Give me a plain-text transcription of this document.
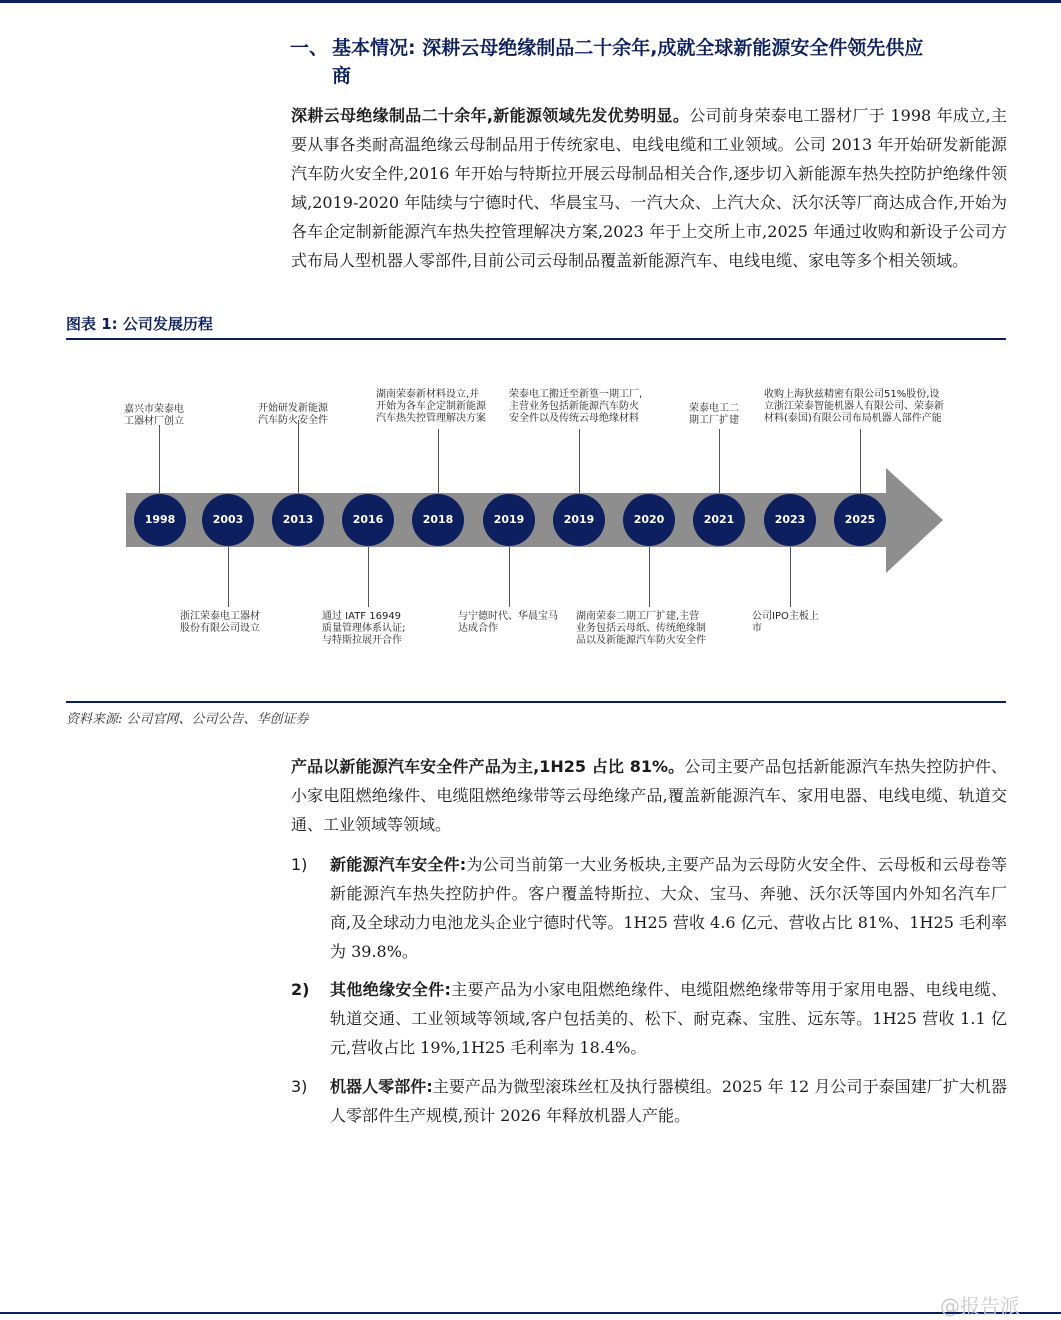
一、 基本情况: 深耕云母绝缘制品二十余年,成就全球新能源安全件领先供应
商
深耕云母绝缘制品二十余年,新能源领域先发优势明显。公司前身荣泰电工器材厂于 1998 年成立,主要从事各类耐高温绝缘云母制品用于传统家电、电线电缆和工业领域。公司 2013 年开始研发新能源汽车防火安全件,2016 年开始与特斯拉开展云母制品相关合作,逐步切入新能源车热失控防护绝缘件领域,2019-2020 年陆续与宁德时代、华晨宝马、一汽大众、上汽大众、沃尔沃等厂商达成合作,开始为各车企定制新能源汽车热失控管理解决方案,2023 年于上交所上市,2025 年通过收购和新设子公司方式布局人型机器人零部件,目前公司云母制品覆盖新能源汽车、电线电缆、家电等多个相关领域。
图表 1: 公司发展历程
1998	2003	2013	2016	2018	2019	2019	2020	2021	2023	2025
嘉兴市荣泰电
工器材厂创立
开始研发新能源
汽车防火安全件
湖南荣泰新材料设立,并
开始为各车企定制新能源
汽车热失控管理解决方案
荣泰电工搬迁至新篁一期工厂,
主营业务包括新能源汽车防火
安全件以及传统云母绝缘材料
荣泰电工二
期工厂扩建
收购上海狄兹精密有限公司51%股份,设
立浙江荣泰智能机器人有限公司、荣泰新
材料(泰国)有限公司布局机器人部件产能
浙江荣泰电工器材
股份有限公司设立
通过 IATF 16949
质量管理体系认证;
与特斯拉展开合作
与宁德时代、华晨宝马
达成合作
湖南荣泰二期工厂扩建,主营
业务包括云母纸、传统绝缘制
品以及新能源汽车防火安全件
公司IPO主板上
市
资料来源: 公司官网、公司公告、华创证券
产品以新能源汽车安全件产品为主,1H25 占比 81%。公司主要产品包括新能源汽车热失控防护件、小家电阻燃绝缘件、电缆阻燃绝缘带等云母绝缘产品,覆盖新能源汽车、家用电器、电线电缆、轨道交通、工业领域等领域。
1) 新能源汽车安全件:为公司当前第一大业务板块,主要产品为云母防火安全件、云母板和云母卷等新能源汽车热失控防护件。客户覆盖特斯拉、大众、宝马、奔驰、沃尔沃等国内外知名汽车厂商,及全球动力电池龙头企业宁德时代等。1H25 营收 4.6 亿元、营收占比 81%、1H25 毛利率为 39.8%。
2) 其他绝缘安全件:主要产品为小家电阻燃绝缘件、电缆阻燃绝缘带等用于家用电器、电线电缆、轨道交通、工业领域等领域,客户包括美的、松下、耐克森、宝胜、远东等。1H25 营收 1.1 亿元,营收占比 19%,1H25 毛利率为 18.4%。
3) 机器人零部件:主要产品为微型滚珠丝杠及执行器模组。2025 年 12 月公司于泰国建厂扩大机器人零部件生产规模,预计 2026 年释放机器人产能。
@报告派
